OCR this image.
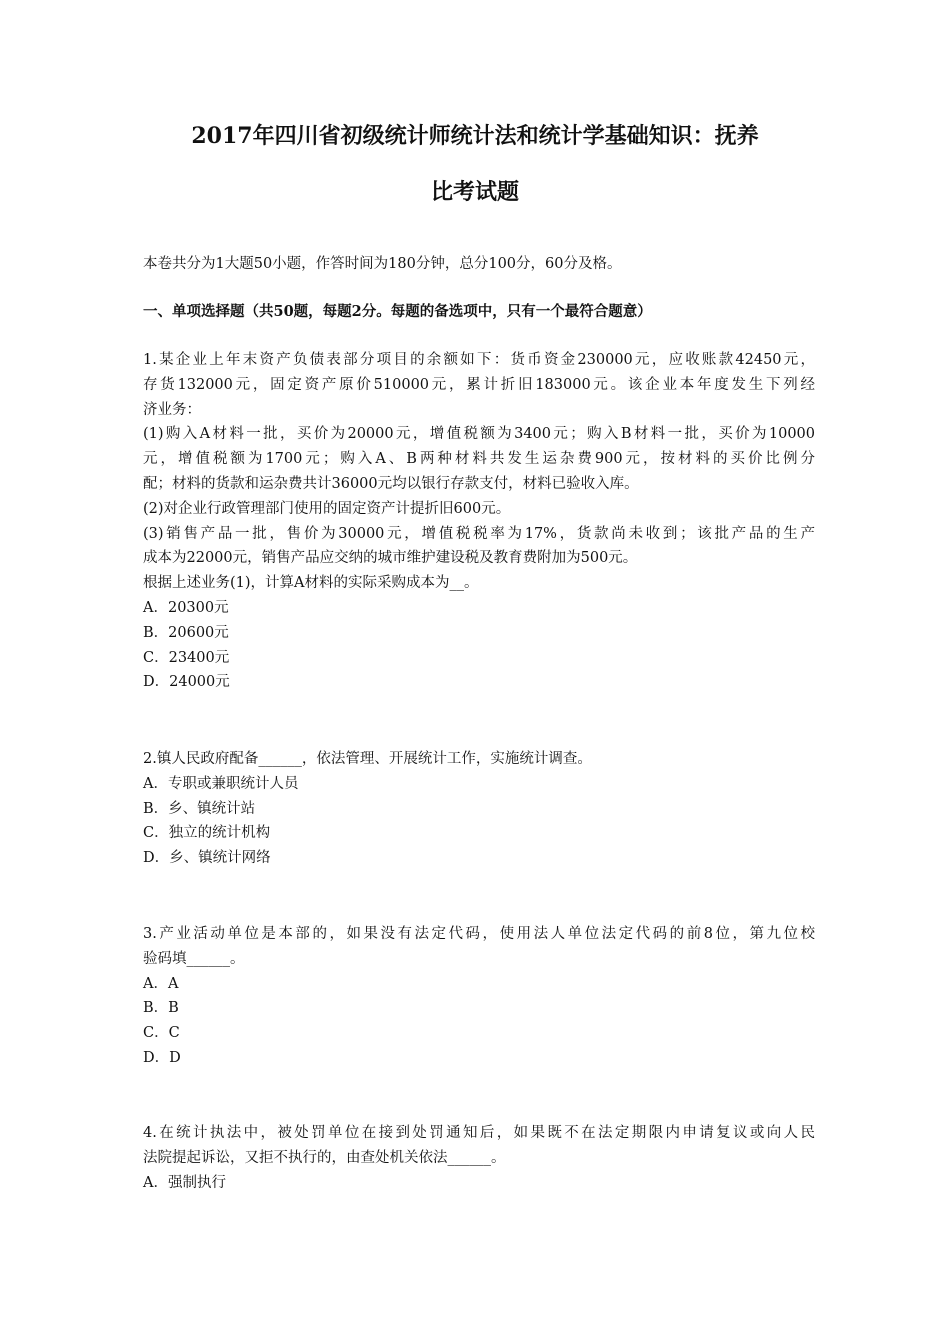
2017年四川省初级统计师统计法和统计学基础知识：抚养
比考试题

本卷共分为1大题50小题，作答时间为180分钟，总分100分，60分及格。

一、单项选择题（共50题，每题2分。每题的备选项中，只有一个最符合题意）

1.某企业上年末资产负债表部分项目的余额如下：货币资金230000元，应收账款42450元，
存货132000元，固定资产原价510000元，累计折旧183000元。该企业本年度发生下列经
济业务：
(1)购入A材料一批，买价为20000元，增值税额为3400元；购入B材料一批，买价为10000
元，增值税额为1700元；购入A、B两种材料共发生运杂费900元，按材料的买价比例分
配；材料的货款和运杂费共计36000元均以银行存款支付，材料已验收入库。
(2)对企业行政管理部门使用的固定资产计提折旧600元。
(3)销售产品一批，售价为30000元，增值税税率为17%，货款尚未收到；该批产品的生产
成本为22000元，销售产品应交纳的城市维护建设税及教育费附加为500元。
根据上述业务(1)，计算A材料的实际采购成本为__。
A．20300元
B．20600元
C．23400元
D．24000元
2.镇人民政府配备______，依法管理、开展统计工作，实施统计调查。
A．专职或兼职统计人员
B．乡、镇统计站
C．独立的统计机构
D．乡、镇统计网络
3.产业活动单位是本部的，如果没有法定代码，使用法人单位法定代码的前8位，第九位校
验码填______。
A．A
B．B
C．C
D．D
4.在统计执法中，被处罚单位在接到处罚通知后，如果既不在法定期限内申请复议或向人民
法院提起诉讼，又拒不执行的，由查处机关依法______。
A．强制执行
